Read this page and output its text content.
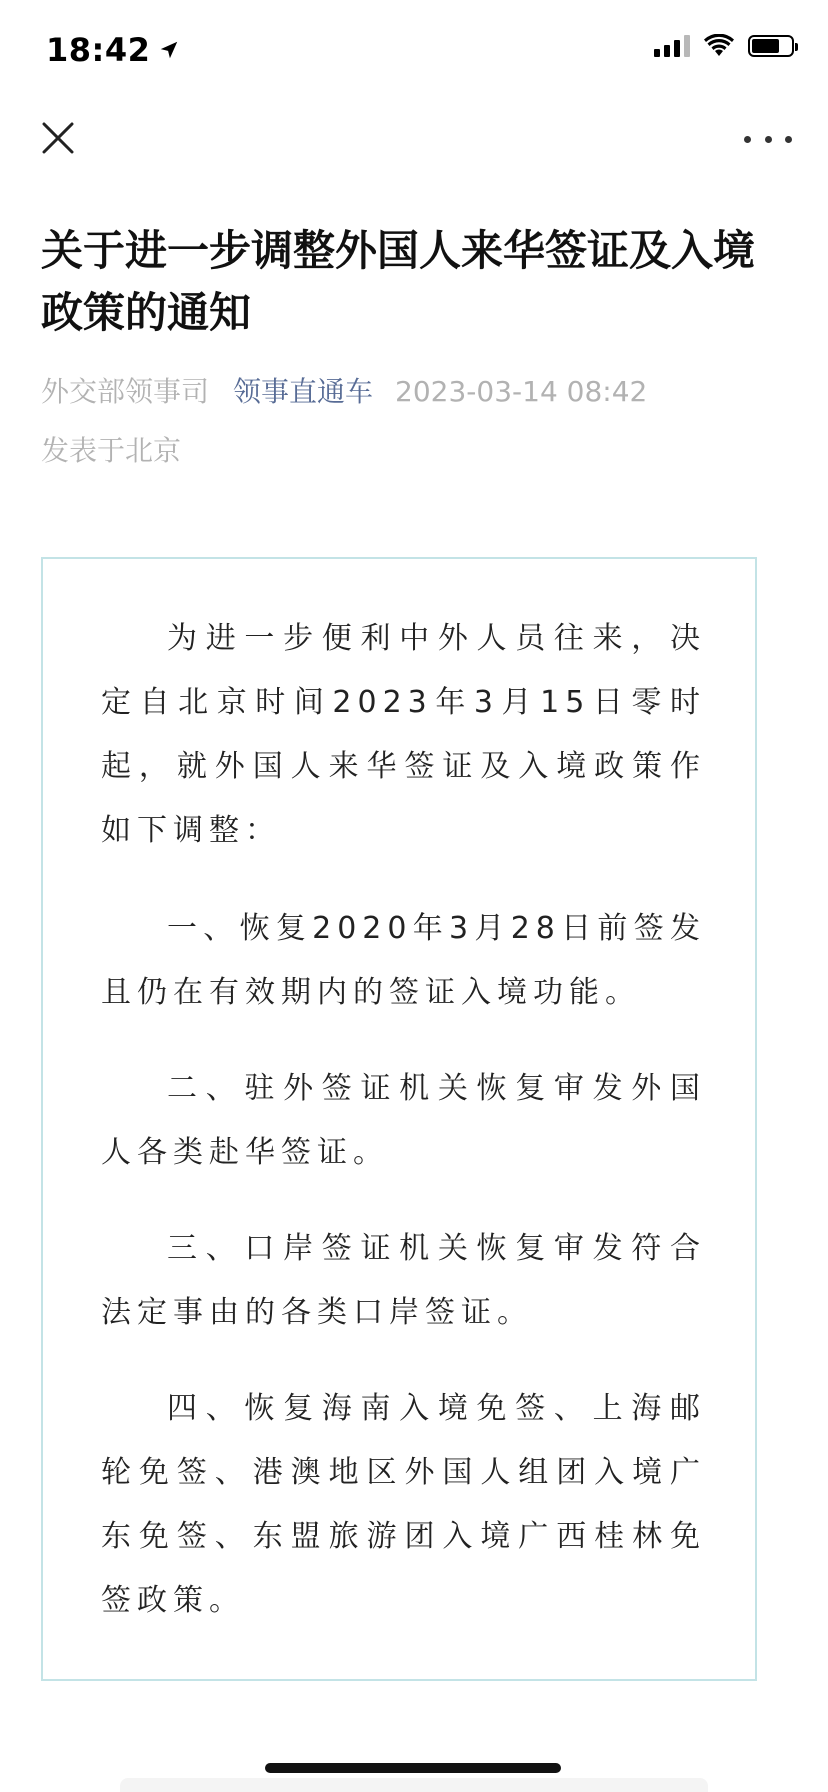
18:42
关于进一步调整外国人来华签证及入境政策的通知
外交部领事司 领事直通车 2023-03-14 08:42
发表于北京

为进一步便利中外人员往来，决定自北京时间2023年3月15日零时起，就外国人来华签证及入境政策作如下调整：

一、恢复2020年3月28日前签发且仍在有效期内的签证入境功能。

二、驻外签证机关恢复审发外国人各类赴华签证。

三、口岸签证机关恢复审发符合法定事由的各类口岸签证。

四、恢复海南入境免签、上海邮轮免签、港澳地区外国人组团入境广东免签、东盟旅游团入境广西桂林免签政策。
